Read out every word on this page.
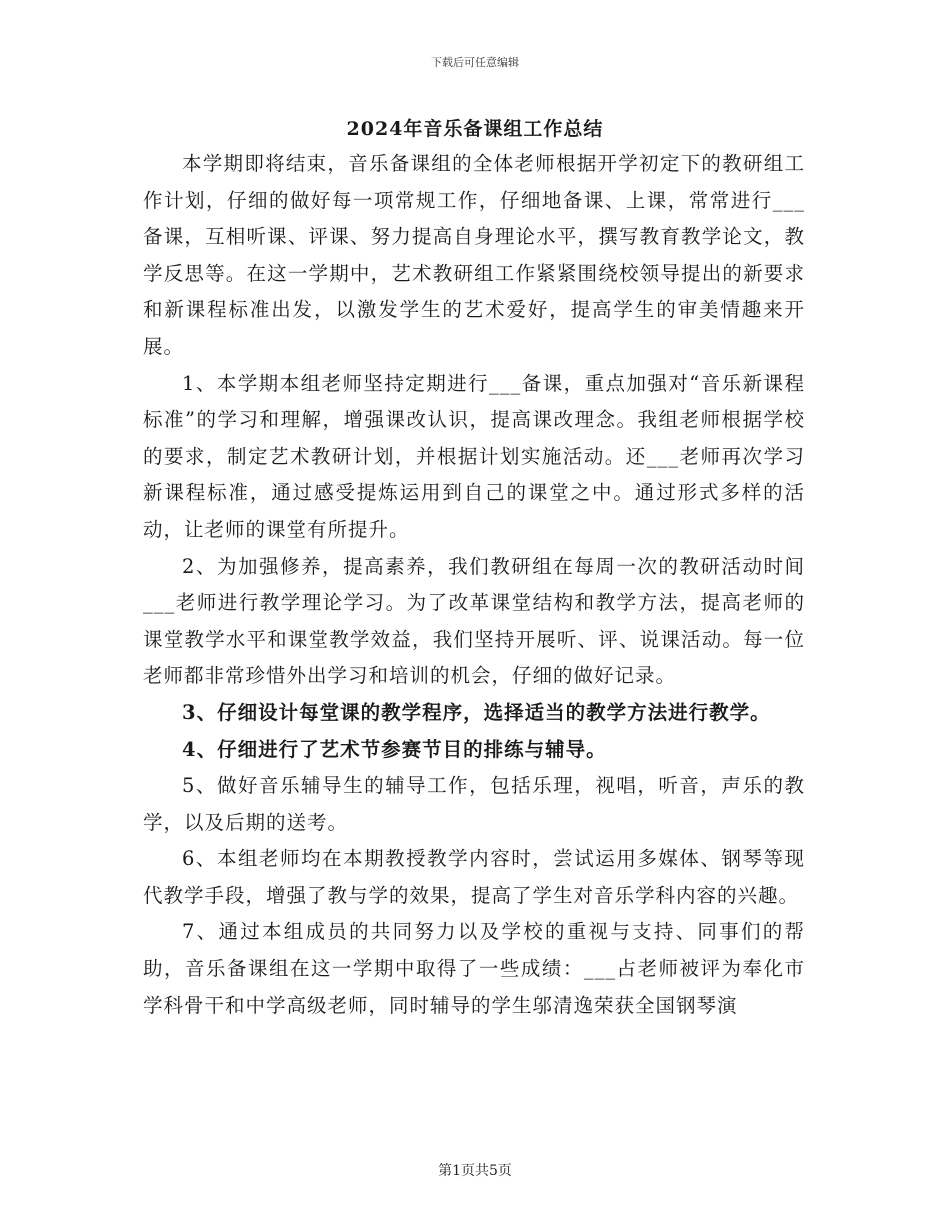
下载后可任意编辑
2024年音乐备课组工作总结

本学期即将结束，音乐备课组的全体老师根据开学初定下的教研组工作计划，仔细的做好每一项常规工作，仔细地备课、上课，常常进行___备课，互相听课、评课、努力提高自身理论水平，撰写教育教学论文，教学反思等。在这一学期中，艺术教研组工作紧紧围绕校领导提出的新要求和新课程标准出发，以激发学生的艺术爱好，提高学生的审美情趣来开展。

1、本学期本组老师坚持定期进行___备课，重点加强对“音乐新课程标准”的学习和理解，增强课改认识，提高课改理念。我组老师根据学校的要求，制定艺术教研计划，并根据计划实施活动。还___老师再次学习新课程标准，通过感受提炼运用到自己的课堂之中。通过形式多样的活动，让老师的课堂有所提升。

2、为加强修养，提高素养，我们教研组在每周一次的教研活动时间___老师进行教学理论学习。为了改革课堂结构和教学方法，提高老师的课堂教学水平和课堂教学效益，我们坚持开展听、评、说课活动。每一位老师都非常珍惜外出学习和培训的机会，仔细的做好记录。

3、仔细设计每堂课的教学程序，选择适当的教学方法进行教学。

4、仔细进行了艺术节参赛节目的排练与辅导。

5、做好音乐辅导生的辅导工作，包括乐理，视唱，听音，声乐的教学，以及后期的送考。

6、本组老师均在本期教授教学内容时，尝试运用多媒体、钢琴等现代教学手段，增强了教与学的效果，提高了学生对音乐学科内容的兴趣。

7、通过本组成员的共同努力以及学校的重视与支持、同事们的帮助，音乐备课组在这一学期中取得了一些成绩：___占老师被评为奉化市学科骨干和中学高级老师，同时辅导的学生邬清逸荣获全国钢琴演

第1页共5页
